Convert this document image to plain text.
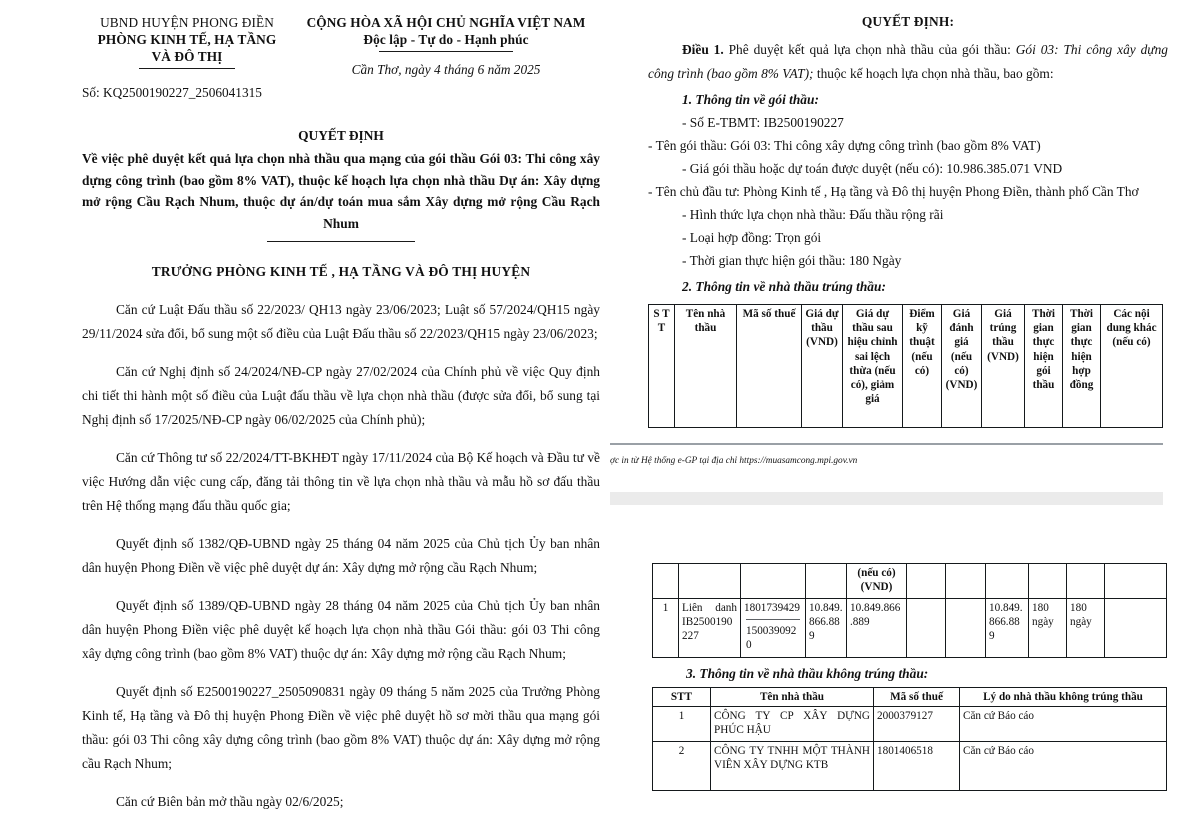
UBND HUYỆN PHONG ĐIỀN
PHÒNG KINH TẾ, HẠ TẦNG
VÀ ĐÔ THỊ
Số: KQ2500190227_2506041315
CỘNG HÒA XÃ HỘI CHỦ NGHĨA VIỆT NAM
Độc lập - Tự do - Hạnh phúc
Cần Thơ, ngày 4 tháng 6 năm 2025
QUYẾT ĐỊNH
Về việc phê duyệt kết quả lựa chọn nhà thầu qua mạng của gói thầu Gói 03: Thi công xây dựng công trình (bao gồm 8% VAT), thuộc kế hoạch lựa chọn nhà thầu Dự án: Xây dựng mở rộng Cầu Rạch Nhum, thuộc dự án/dự toán mua sắm Xây dựng mở rộng Cầu Rạch Nhum
TRƯỞNG PHÒNG KINH TẾ , HẠ TẦNG VÀ ĐÔ THỊ HUYỆN
Căn cứ Luật Đấu thầu số 22/2023/ QH13 ngày 23/06/2023; Luật số 57/2024/QH15 ngày 29/11/2024 sửa đổi, bổ sung một số điều của Luật Đấu thầu số 22/2023/QH15 ngày 23/06/2023;
Căn cứ Nghị định số 24/2024/NĐ-CP ngày 27/02/2024 của Chính phủ về việc Quy định chi tiết thi hành một số điều của Luật đấu thầu về lựa chọn nhà thầu (được sửa đổi, bổ sung tại Nghị định số 17/2025/NĐ-CP ngày 06/02/2025 của Chính phủ);
Căn cứ Thông tư số 22/2024/TT-BKHĐT ngày 17/11/2024 của Bộ Kế hoạch và Đầu tư về việc Hướng dẫn việc cung cấp, đăng tải thông tin về lựa chọn nhà thầu và mẫu hồ sơ đấu thầu trên Hệ thống mạng đấu thầu quốc gia;
Quyết định số 1382/QĐ-UBND ngày 25 tháng 04 năm 2025 của Chủ tịch Ủy ban nhân dân huyện Phong Điền về việc phê duyệt dự án: Xây dựng mở rộng cầu Rạch Nhum;
Quyết định số 1389/QĐ-UBND ngày 28 tháng 04 năm 2025 của Chủ tịch Ủy ban nhân dân huyện Phong Điền việc phê duyệt kế hoạch lựa chọn nhà thầu Gói thầu: gói 03 Thi công xây dựng công trình (bao gồm 8% VAT) thuộc dự án: Xây dựng mở rộng cầu Rạch Nhum;
Quyết định số E2500190227_2505090831 ngày 09 tháng 5 năm 2025 của Trưởng Phòng Kinh tế, Hạ tầng và Đô thị huyện Phong Điền về việc phê duyệt hồ sơ mời thầu qua mạng gói thầu: gói 03 Thi công xây dựng công trình (bao gồm 8% VAT) thuộc dự án: Xây dựng mở rộng cầu Rạch Nhum;
Căn cứ Biên bản mở thầu ngày 02/6/2025;
QUYẾT ĐỊNH:
Điều 1. Phê duyệt kết quả lựa chọn nhà thầu của gói thầu: Gói 03: Thi công xây dựng công trình (bao gồm 8% VAT); thuộc kế hoạch lựa chọn nhà thầu, bao gồm:
1. Thông tin về gói thầu:
- Số E-TBMT: IB2500190227
- Tên gói thầu: Gói 03: Thi công xây dựng công trình (bao gồm 8% VAT)
- Giá gói thầu hoặc dự toán được duyệt (nếu có): 10.986.385.071 VND
- Tên chủ đầu tư: Phòng Kinh tế , Hạ tầng và Đô thị huyện Phong Điền, thành phố Cần Thơ
- Hình thức lựa chọn nhà thầu: Đấu thầu rộng rãi
- Loại hợp đồng: Trọn gói
- Thời gian thực hiện gói thầu: 180 Ngày
2. Thông tin về nhà thầu trúng thầu:
S T T	Tên nhà thầu	Mã số thuế	Giá dự thầu (VND)	Giá dự thầu sau hiệu chỉnh sai lệch thừa (nếu có), giảm giá	Điểm kỹ thuật (nếu có)	Giá đánh giá (nếu có) (VND)	Giá trúng thầu (VND)	Thời gian thực hiện gói thầu	Thời gian thực hiện hợp đồng	Các nội dung khác (nếu có)
ợc in từ Hệ thống e-GP tại địa chỉ https://muasamcong.mpi.gov.vn
				(nếu có) (VND)						
1	Liên danh IB2500190227	1801739429
1500390920	10.849.866.889	10.849.866.889			10.849.866.889	180 ngày	180 ngày	
3. Thông tin về nhà thầu không trúng thầu:
STT	Tên nhà thầu	Mã số thuế	Lý do nhà thầu không trúng thầu
1	CÔNG TY CP XÂY DỰNG PHÚC HẬU	2000379127	Căn cứ Báo cáo
2	CÔNG TY TNHH MỘT THÀNH VIÊN XÂY DỰNG KTB	1801406518	Căn cứ Báo cáo
